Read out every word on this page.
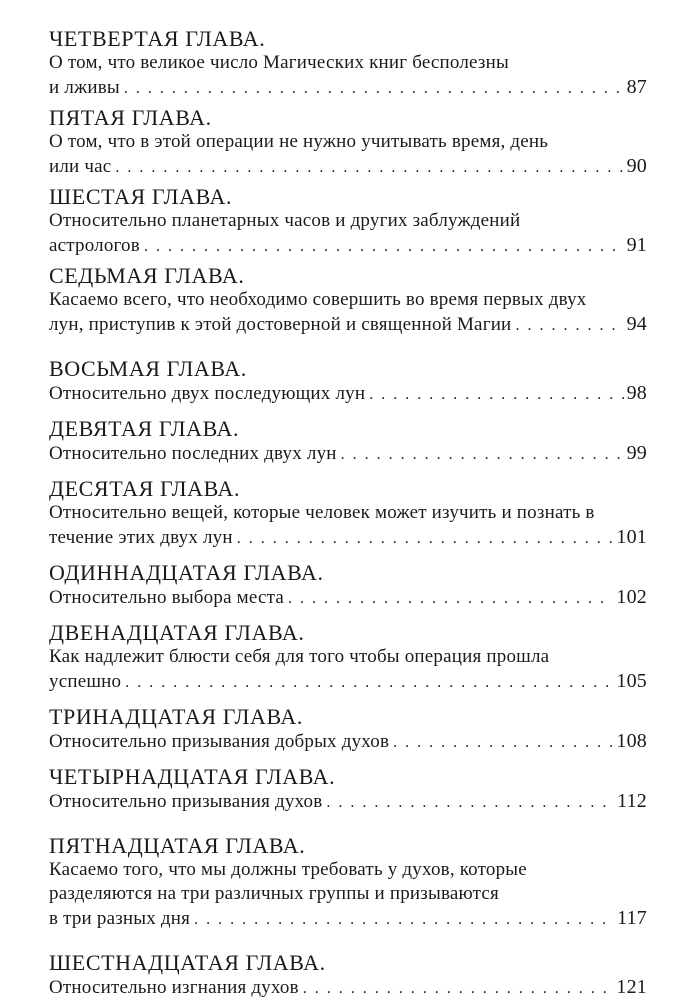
ЧЕТВЕРТАЯ ГЛАВА.
О том, что великое число Магических книг бесполезны
и лживы . . .	87
ПЯТАЯ ГЛАВА.
О том, что в этой операции не нужно учитывать время, день
или час . . .	90
ШЕСТАЯ ГЛАВА.
Относительно планетарных часов и других заблуждений
астрологов . . .	91
СЕДЬМАЯ ГЛАВА.
Касаемо всего, что необходимо совершить во время первых двух
лун, приступив к этой достоверной и священной Магии . . .	94
ВОСЬМАЯ ГЛАВА.
Относительно двух последующих лун . . .	98
ДЕВЯТАЯ ГЛАВА.
Относительно последних двух лун . . .	99
ДЕСЯТАЯ ГЛАВА.
Относительно вещей, которые человек может изучить и познать в
течение этих двух лун . . .	101
ОДИННАДЦАТАЯ ГЛАВА.
Относительно выбора места . . .	102
ДВЕНАДЦАТАЯ ГЛАВА.
Как надлежит блюсти себя для того чтобы операция прошла
успешно . . .	105
ТРИНАДЦАТАЯ ГЛАВА.
Относительно призывания добрых духов . . .	108
ЧЕТЫРНАДЦАТАЯ ГЛАВА.
Относительно призывания духов . . .	112
ПЯТНАДЦАТАЯ ГЛАВА.
Касаемо того, что мы должны требовать у духов, которые
разделяются на три различных группы и призываются
в три разных дня . . .	117
ШЕСТНАДЦАТАЯ ГЛАВА.
Относительно изгнания духов . . .	121
